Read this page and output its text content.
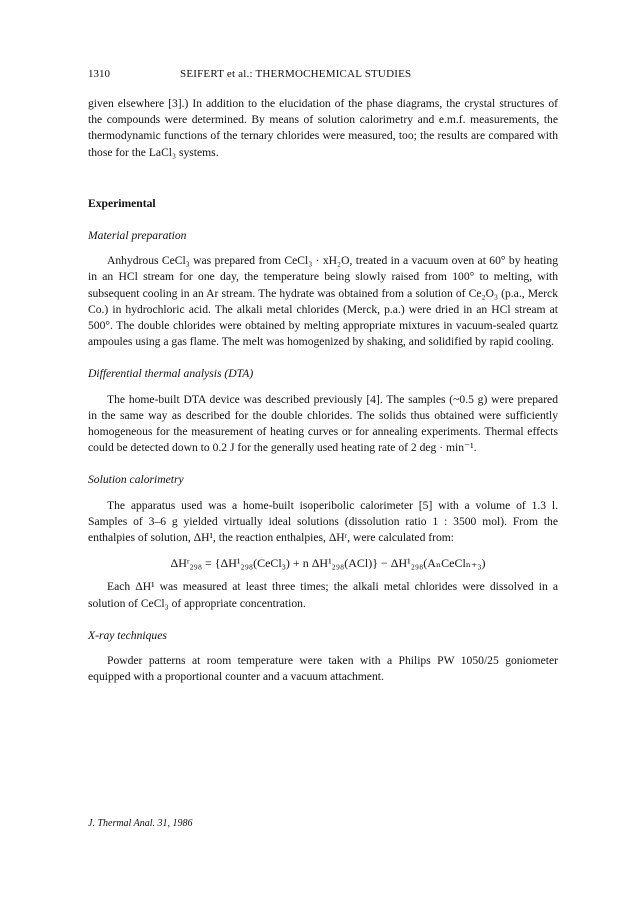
1310	SEIFERT et al.: THERMOCHEMICAL STUDIES

given elsewhere [3].) In addition to the elucidation of the phase diagrams, the crystal structures of the compounds were determined. By means of solution calorimetry and e.m.f. measurements, the thermodynamic functions of the ternary chlorides were measured, too; the results are compared with those for the LaCl₃ systems.

Experimental

Material preparation

Anhydrous CeCl₃ was prepared from CeCl₃ · xH₂O, treated in a vacuum oven at 60° by heating in an HCl stream for one day, the temperature being slowly raised from 100° to melting, with subsequent cooling in an Ar stream. The hydrate was obtained from a solution of Ce₂O₃ (p.a., Merck Co.) in hydrochloric acid. The alkali metal chlorides (Merck, p.a.) were dried in an HCl stream at 500°. The double chlorides were obtained by melting appropriate mixtures in vacuum-sealed quartz ampoules using a gas flame. The melt was homogenized by shaking, and solidified by rapid cooling.

Differential thermal analysis (DTA)

The home-built DTA device was described previously [4]. The samples (~0.5 g) were prepared in the same way as described for the double chlorides. The solids thus obtained were sufficiently homogeneous for the measurement of heating curves or for annealing experiments. Thermal effects could be detected down to 0.2 J for the generally used heating rate of 2 deg · min⁻¹.

Solution calorimetry

The apparatus used was a home-built isoperibolic calorimeter [5] with a volume of 1.3 l. Samples of 3–6 g yielded virtually ideal solutions (dissolution ratio 1 : 3500 mol). From the enthalpies of solution, ΔH¹, the reaction enthalpies, ΔHʳ, were calculated from:

ΔHʳ₂₉₈ = {ΔH¹₂₉₈(CeCl₃) + n ΔH¹₂₉₈(ACl)} − ΔH¹₂₉₈(AₙCeClₙ₊₃)

Each ΔH¹ was measured at least three times; the alkali metal chlorides were dissolved in a solution of CeCl₃ of appropriate concentration.

X-ray techniques

Powder patterns at room temperature were taken with a Philips PW 1050/25 goniometer equipped with a proportional counter and a vacuum attachment.

J. Thermal Anal. 31, 1986
